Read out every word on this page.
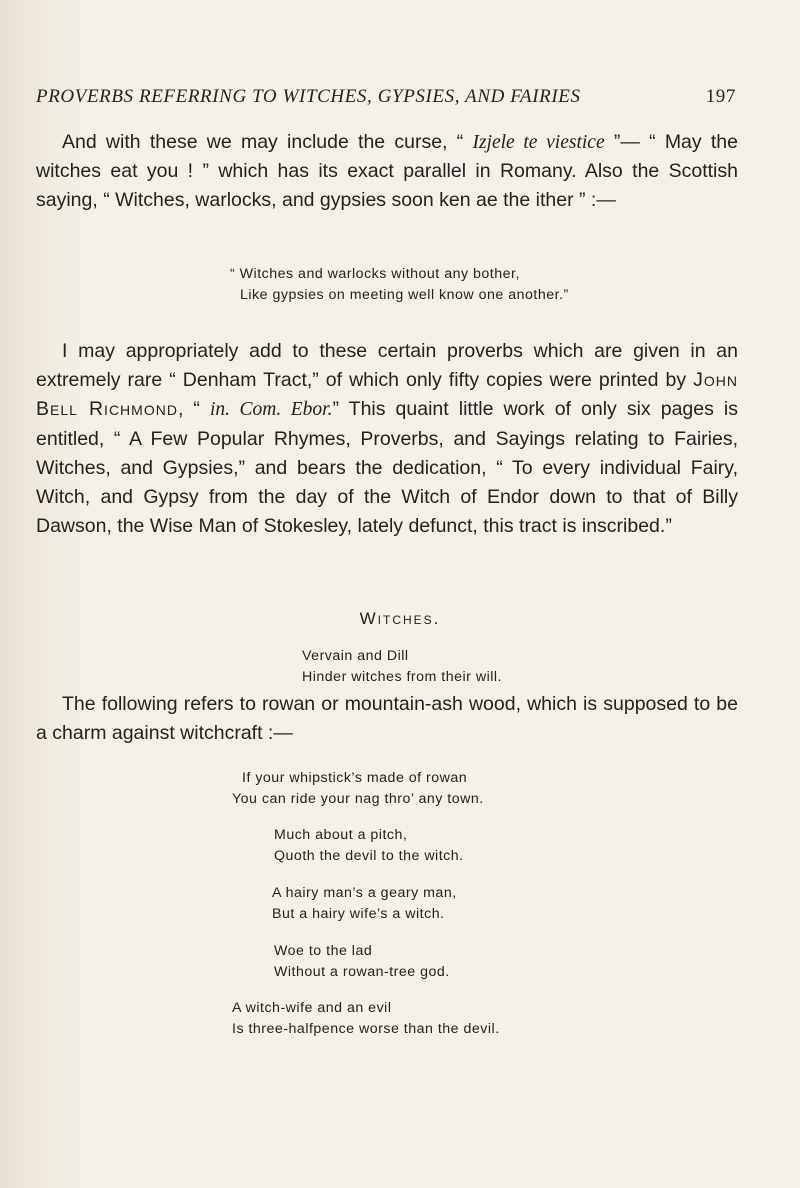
PROVERBS REFERRING TO WITCHES, GYPSIES, AND FAIRIES	197
And with these we may include the curse, “ Izjele te viestice ”— “ May the witches eat you ! ” which has its exact parallel in Romany. Also the Scottish saying, “ Witches, warlocks, and gypsies soon ken ae the ither ” :—
“ Witches and warlocks without any bother,
Like gypsies on meeting well know one another.”
I may appropriately add to these certain proverbs which are given in an extremely rare “ Denham Tract,” of which only fifty copies were printed by John Bell Richmond, “ in. Com. Ebor.” This quaint little work of only six pages is entitled, “ A Few Popular Rhymes, Proverbs, and Sayings relating to Fairies, Witches, and Gypsies,” and bears the dedication, “ To every individual Fairy, Witch, and Gypsy from the day of the Witch of Endor down to that of Billy Dawson, the Wise Man of Stokesley, lately defunct, this tract is inscribed.”
Witches.
Vervain and Dill
Hinder witches from their will.
The following refers to rowan or mountain-ash wood, which is supposed to be a charm against witchcraft :—
If your whipstick’s made of rowan
You can ride your nag thro’ any town.
Much about a pitch,
Quoth the devil to the witch.
A hairy man’s a geary man,
But a hairy wife’s a witch.
Woe to the lad
Without a rowan-tree god.
A witch-wife and an evil
Is three-halfpence worse than the devil.
